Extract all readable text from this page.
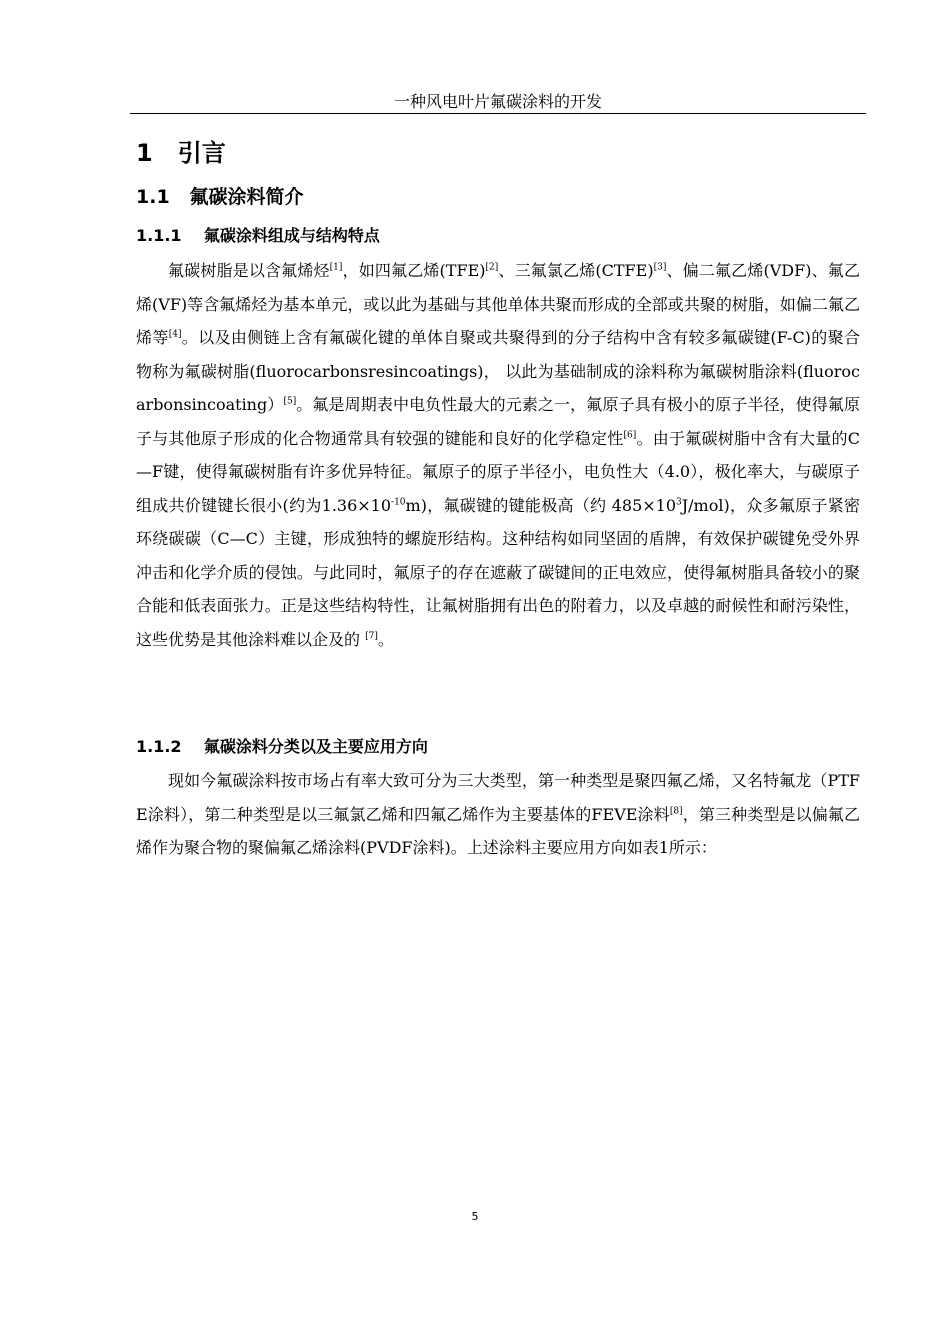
一种风电叶片氟碳涂料的开发
1   引言
1.1   氟碳涂料简介
1.1.1    氟碳涂料组成与结构特点

氟碳树脂是以含氟烯烃[1]，如四氟乙烯(TFE)[2]、三氟氯乙烯(CTFE)[3]、偏二氟乙烯(VDF)、氟乙烯(VF)等含氟烯烃为基本单元，或以此为基础与其他单体共聚而形成的全部或共聚的树脂，如偏二氟乙烯等[4]。以及由侧链上含有氟碳化键的单体自聚或共聚得到的分子结构中含有较多氟碳键(F-C)的聚合物称为氟碳树脂(fluorocarbonsresincoatings)， 以此为基础制成的涂料称为氟碳树脂涂料(fluorocarbonsincoating）[5]。氟是周期表中电负性最大的元素之一，氟原子具有极小的原子半径，使得氟原子与其他原子形成的化合物通常具有较强的键能和良好的化学稳定性[6]。由于氟碳树脂中含有大量的C—F键，使得氟碳树脂有许多优异特征。氟原子的原子半径小，电负性大（4.0），极化率大，与碳原子组成共价键键长很小(约为$1.36\times 10^{-10}m$)，氟碳键的键能极高（约 $485\times 10^3J/mol$)，众多氟原子紧密环绕碳碳（C—C）主键，形成独特的螺旋形结构。这种结构如同坚固的盾牌，有效保护碳键免受外界冲击和化学介质的侵蚀。与此同时，氟原子的存在遮蔽了碳键间的正电效应，使得氟树脂具备较小的聚合能和低表面张力。正是这些结构特性，让氟树脂拥有出色的附着力，以及卓越的耐候性和耐污染性，这些优势是其他涂料难以企及的 [7]。

1.1.2    氟碳涂料分类以及主要应用方向

现如今氟碳涂料按市场占有率大致可分为三大类型，第一种类型是聚四氟乙烯，又名特氟龙（PTFE涂料），第二种类型是以三氟氯乙烯和四氟乙烯作为主要基体的FEVE涂料[8]，第三种类型是以偏氟乙烯作为聚合物的聚偏氟乙烯涂料(PVDF涂料)。上述涂料主要应用方向如表1所示：

5
